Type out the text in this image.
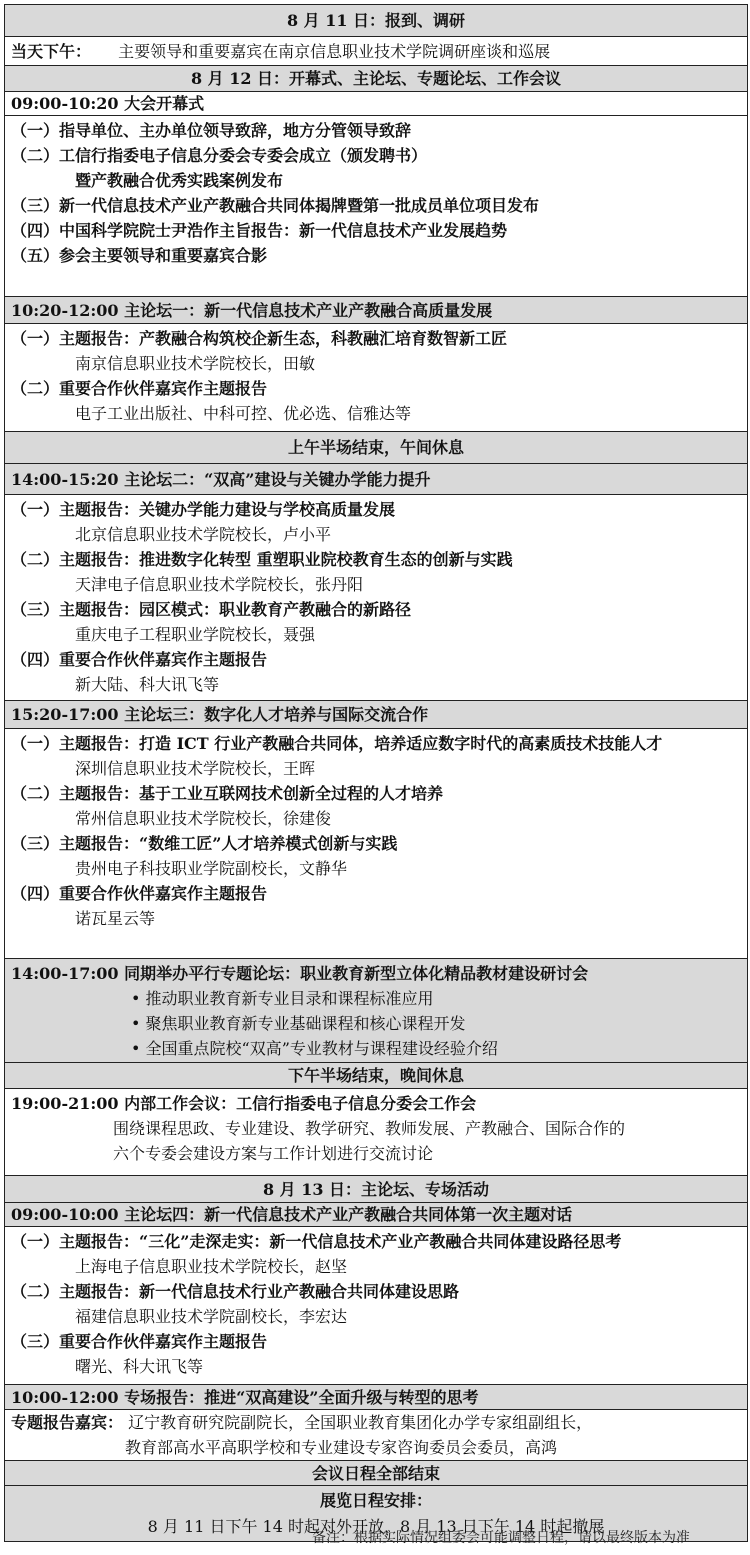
8 月 11 日：报到、调研
当天下午： 主要领导和重要嘉宾在南京信息职业技术学院调研座谈和巡展
8 月 12 日：开幕式、主论坛、专题论坛、工作会议
09:00-10:20 大会开幕式
（一）指导单位、主办单位领导致辞，地方分管领导致辞
（二）工信行指委电子信息分委会专委会成立（颁发聘书）
暨产教融合优秀实践案例发布
（三）新一代信息技术产业产教融合共同体揭牌暨第一批成员单位项目发布
（四）中国科学院院士尹浩作主旨报告：新一代信息技术产业发展趋势
（五）参会主要领导和重要嘉宾合影
10:20-12:00 主论坛一：新一代信息技术产业产教融合高质量发展
（一）主题报告：产教融合构筑校企新生态，科教融汇培育数智新工匠
南京信息职业技术学院校长，田敏
（二）重要合作伙伴嘉宾作主题报告
电子工业出版社、中科可控、优必选、信雅达等
上午半场结束，午间休息
14:00-15:20 主论坛二：“双高”建设与关键办学能力提升
（一）主题报告：关键办学能力建设与学校高质量发展
北京信息职业技术学院校长，卢小平
（二）主题报告：推进数字化转型 重塑职业院校教育生态的创新与实践
天津电子信息职业技术学院校长，张丹阳
（三）主题报告：园区模式：职业教育产教融合的新路径
重庆电子工程职业学院校长，聂强
（四）重要合作伙伴嘉宾作主题报告
新大陆、科大讯飞等
15:20-17:00 主论坛三：数字化人才培养与国际交流合作
（一）主题报告：打造 ICT 行业产教融合共同体，培养适应数字时代的高素质技术技能人才
深圳信息职业技术学院校长，王晖
（二）主题报告：基于工业互联网技术创新全过程的人才培养
常州信息职业技术学院校长，徐建俊
（三）主题报告：“数维工匠”人才培养模式创新与实践
贵州电子科技职业学院副校长，文静华
（四）重要合作伙伴嘉宾作主题报告
诺瓦星云等
14:00-17:00 同期举办平行专题论坛：职业教育新型立体化精品教材建设研讨会
• 推动职业教育新专业目录和课程标准应用
• 聚焦职业教育新专业基础课程和核心课程开发
• 全国重点院校“双高”专业教材与课程建设经验介绍
下午半场结束，晚间休息
19:00-21:00 内部工作会议：工信行指委电子信息分委会工作会
围绕课程思政、专业建设、教学研究、教师发展、产教融合、国际合作的
六个专委会建设方案与工作计划进行交流讨论
8 月 13 日：主论坛、专场活动
09:00-10:00 主论坛四：新一代信息技术产业产教融合共同体第一次主题对话
（一）主题报告：“三化”走深走实：新一代信息技术产业产教融合共同体建设路径思考
上海电子信息职业技术学院校长，赵坚
（二）主题报告：新一代信息技术行业产教融合共同体建设思路
福建信息职业技术学院副校长，李宏达
（三）重要合作伙伴嘉宾作主题报告
曙光、科大讯飞等
10:00-12:00 专场报告：推进“双高建设”全面升级与转型的思考
专题报告嘉宾： 辽宁教育研究院副院长，全国职业教育集团化办学专家组副组长，
教育部高水平高职学校和专业建设专家咨询委员会委员，高鸿
会议日程全部结束
展览日程安排：
8 月 11 日下午 14 时起对外开放，8 月 13 日下午 14 时起撤展
备注：根据实际情况组委会可能调整日程，请以最终版本为准
